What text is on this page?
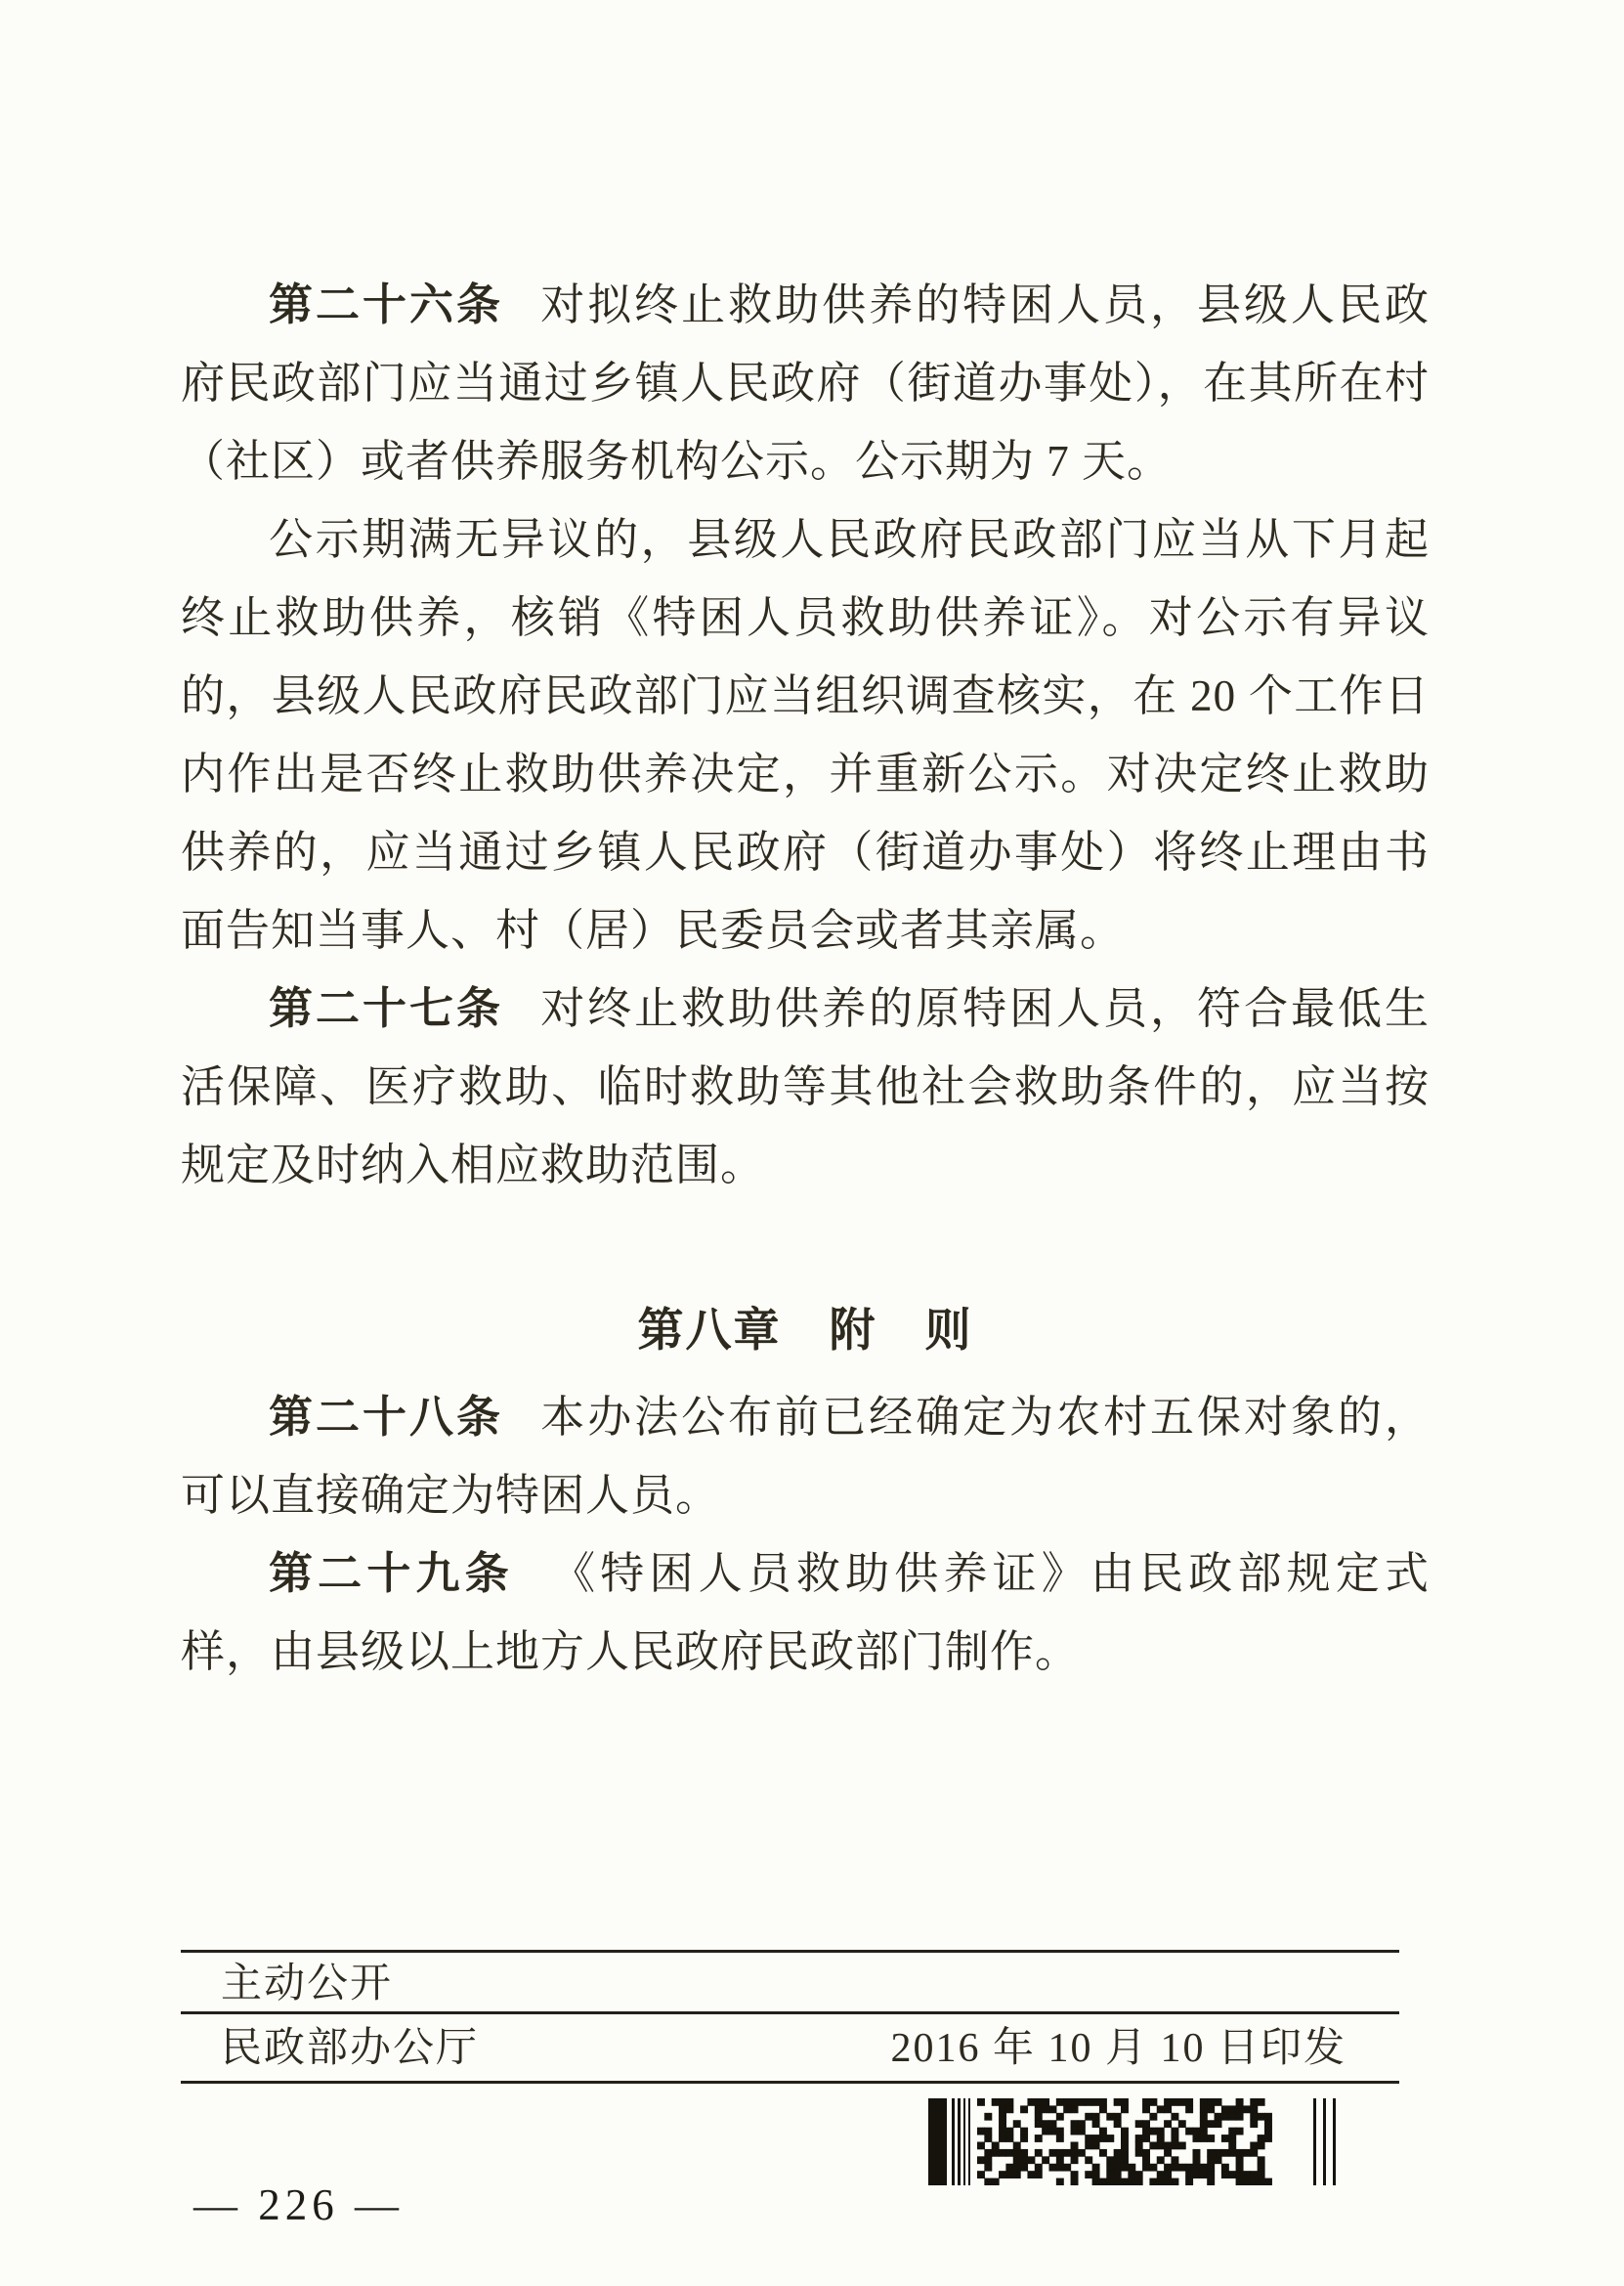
第二十六条 对拟终止救助供养的特困人员，县级人民政府民政部门应当通过乡镇人民政府（街道办事处），在其所在村（社区）或者供养服务机构公示。公示期为 7 天。

公示期满无异议的，县级人民政府民政部门应当从下月起终止救助供养，核销《特困人员救助供养证》。对公示有异议的，县级人民政府民政部门应当组织调查核实，在 20 个工作日内作出是否终止救助供养决定，并重新公示。对决定终止救助供养的，应当通过乡镇人民政府（街道办事处）将终止理由书面告知当事人、村（居）民委员会或者其亲属。

第二十七条 对终止救助供养的原特困人员，符合最低生活保障、医疗救助、临时救助等其他社会救助条件的，应当按规定及时纳入相应救助范围。

第八章　附　则

第二十八条 本办法公布前已经确定为农村五保对象的，可以直接确定为特困人员。

第二十九条 《特困人员救助供养证》由民政部规定式样，由县级以上地方人民政府民政部门制作。

主动公开
民政部办公厅	2016 年 10 月 10 日印发
— 226 —
